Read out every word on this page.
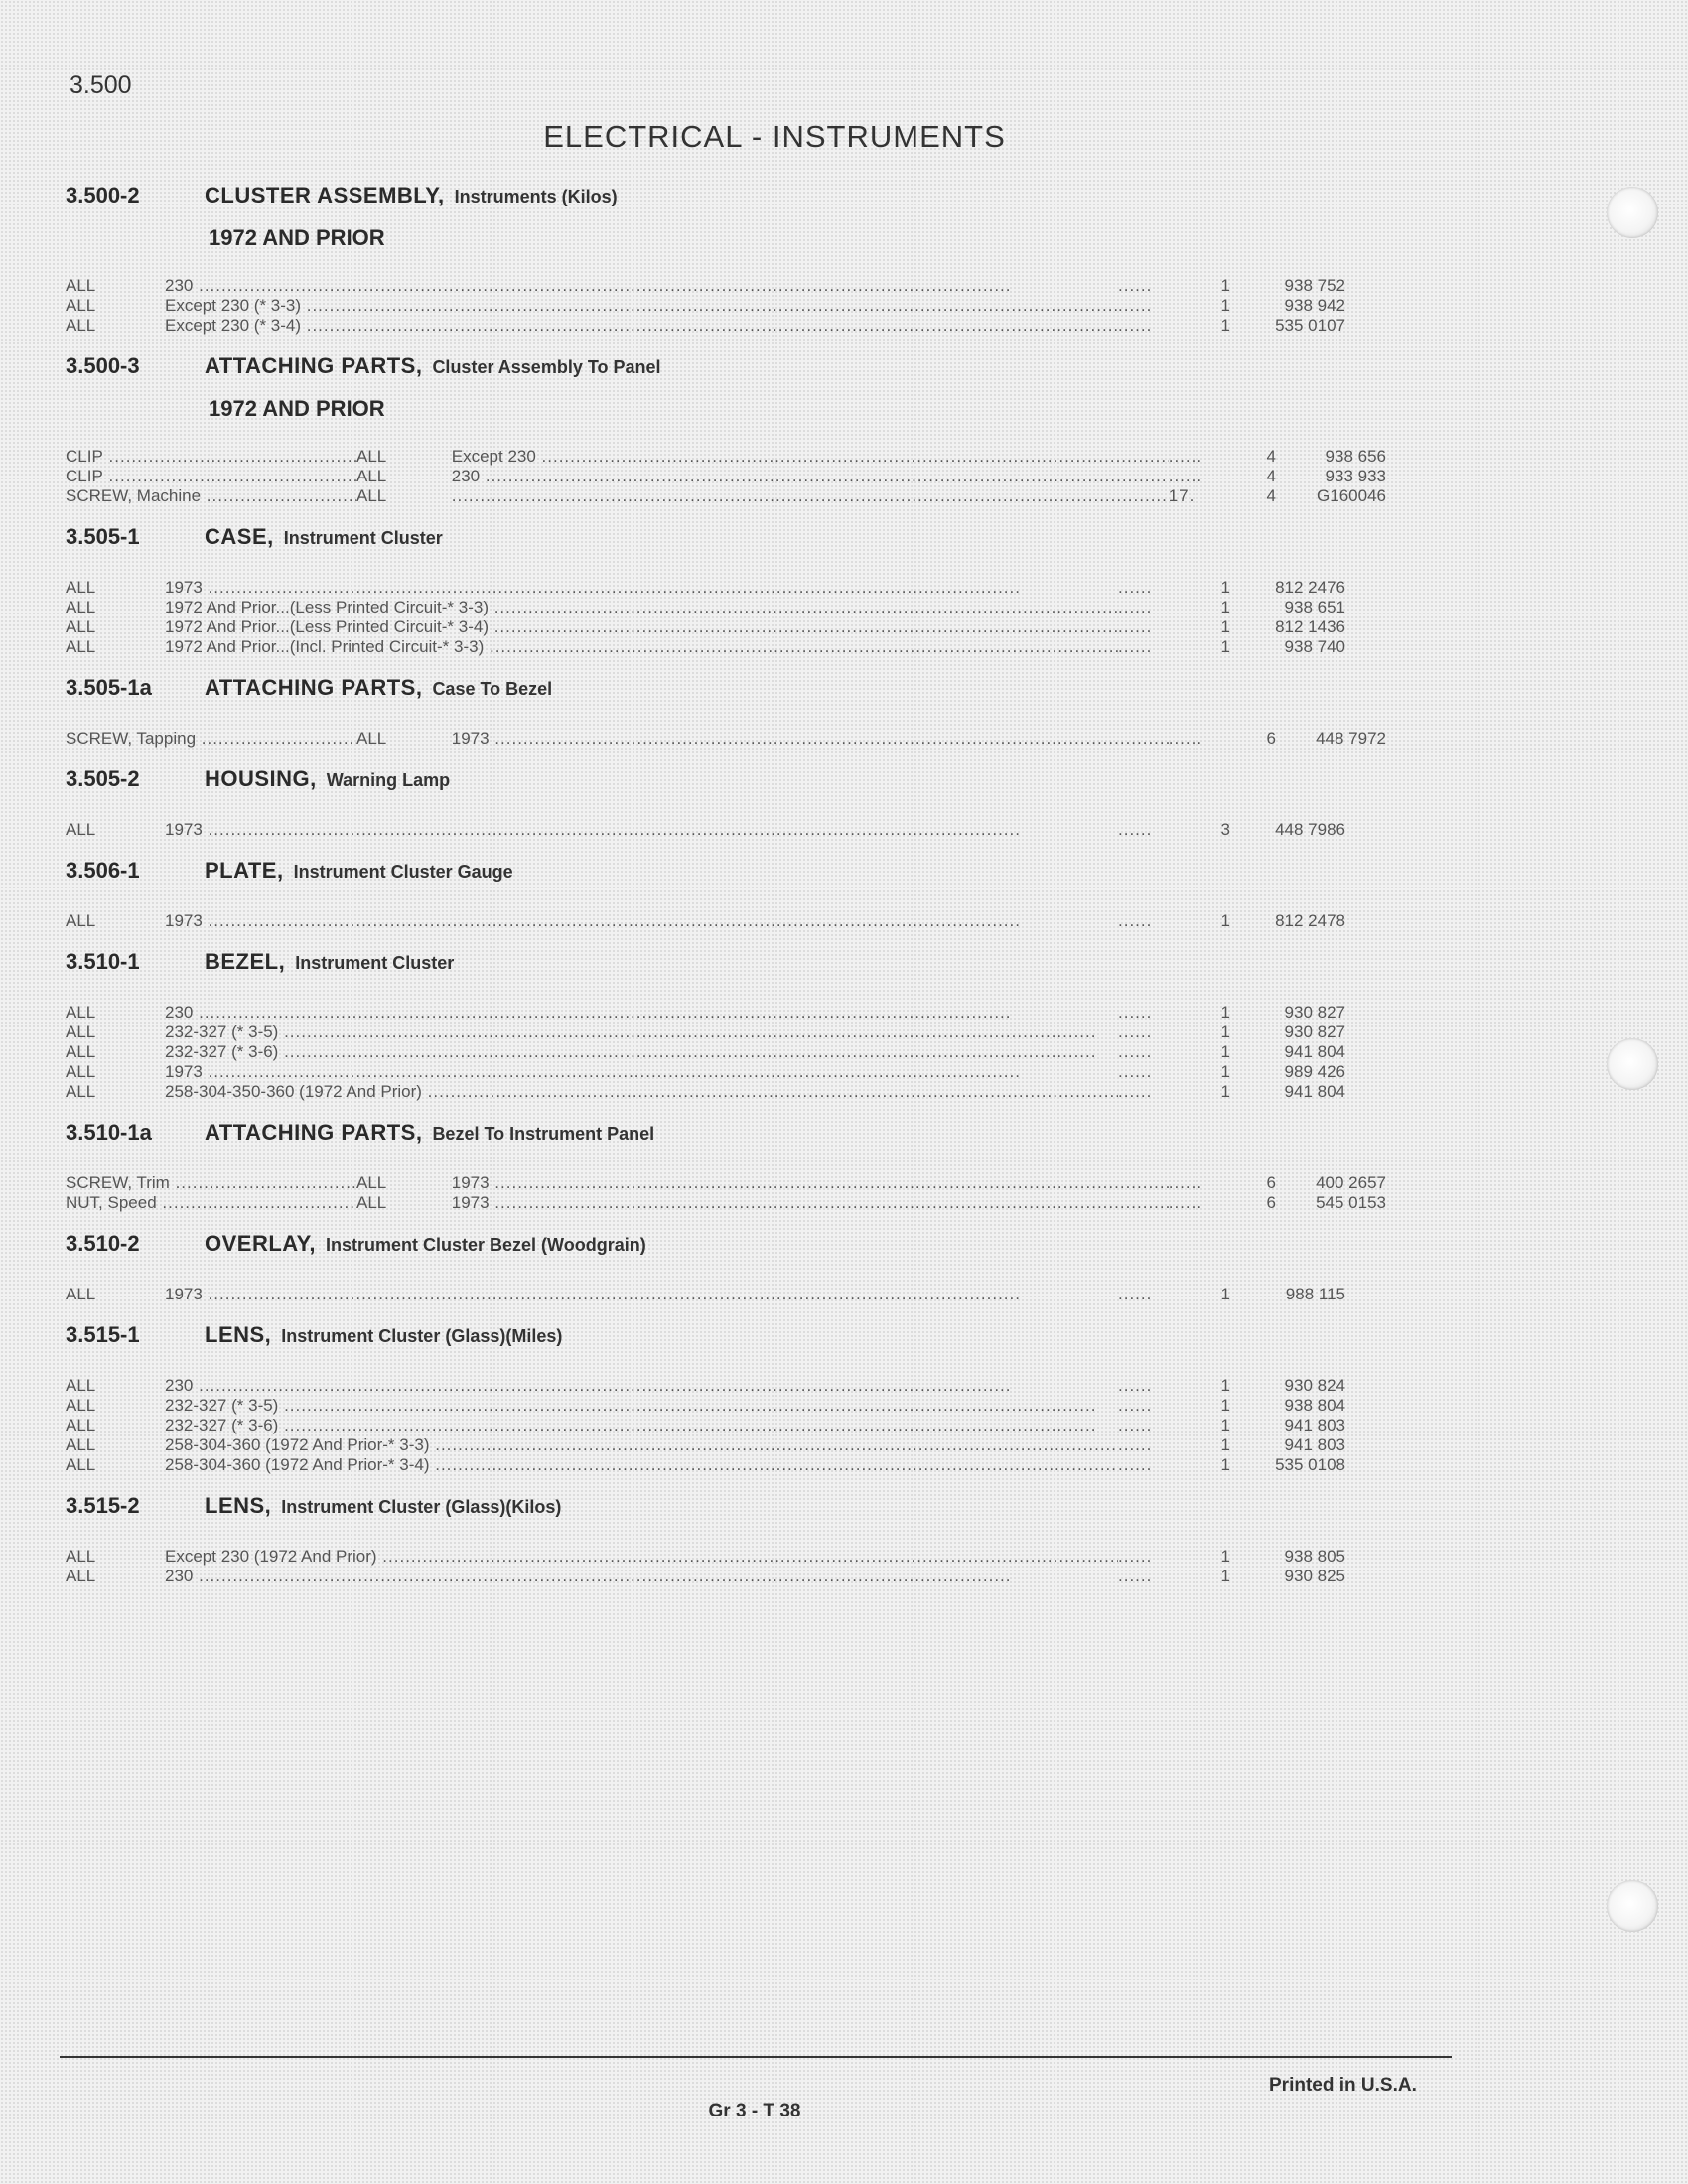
3.500
ELECTRICAL - INSTRUMENTS
3.500-2	CLUSTER ASSEMBLY, Instruments (Kilos)
1972 AND PRIOR
ALL	230 .....	......	1	938 752
ALL	Except 230 (* 3-3) .....	......	1	938 942
ALL	Except 230 (* 3-4) .....	......	1	535 0107
3.500-3	ATTACHING PARTS, Cluster Assembly To Panel
1972 AND PRIOR
CLIP .....	ALL	Except 230 .....	......	4	938 656
CLIP .....	ALL	230 .....	......	4	933 933
SCREW, Machine .....	ALL
.....	17.	4	G160046
3.505-1	CASE, Instrument Cluster
ALL	1973 .....	......	1	812 2476
ALL	1972 And Prior...(Less Printed Circuit-* 3-3) .....	......	1	938 651
ALL	1972 And Prior...(Less Printed Circuit-* 3-4) .....	......	1	812 1436
ALL	1972 And Prior...(Incl. Printed Circuit-* 3-3) .....	......	1	938 740
3.505-1a	ATTACHING PARTS, Case To Bezel
SCREW, Tapping .....	ALL	1973 .....	......	6	448 7972
3.505-2	HOUSING, Warning Lamp
ALL	1973 .....	......	3	448 7986
3.506-1	PLATE, Instrument Cluster Gauge
ALL	1973 .....	......	1	812 2478
3.510-1	BEZEL, Instrument Cluster
ALL	230 .....	......	1	930 827
ALL	232-327 (* 3-5) .....	......	1	930 827
ALL	232-327 (* 3-6) .....	......	1	941 804
ALL	1973 .....	......	1	989 426
ALL	258-304-350-360 (1972 And Prior) .....	......	1	941 804
3.510-1a	ATTACHING PARTS, Bezel To Instrument Panel
SCREW, Trim .....	ALL	1973 .....	......	6	400 2657
NUT, Speed .....	ALL	1973 .....	......	6	545 0153
3.510-2	OVERLAY, Instrument Cluster Bezel (Woodgrain)
ALL	1973 .....	......	1	988 115
3.515-1	LENS, Instrument Cluster (Glass)(Miles)
ALL	230 .....	......	1	930 824
ALL	232-327 (* 3-5) .....	......	1	938 804
ALL	232-327 (* 3-6) .....	......	1	941 803
ALL	258-304-360 (1972 And Prior-* 3-3) .....	......	1	941 803
ALL	258-304-360 (1972 And Prior-* 3-4) .....	......	1	535 0108
3.515-2	LENS, Instrument Cluster (Glass)(Kilos)
ALL	Except 230 (1972 And Prior) .....	......	1	938 805
ALL	230 .....	......	1	930 825
Printed in U.S.A.
Gr 3 - T 38
